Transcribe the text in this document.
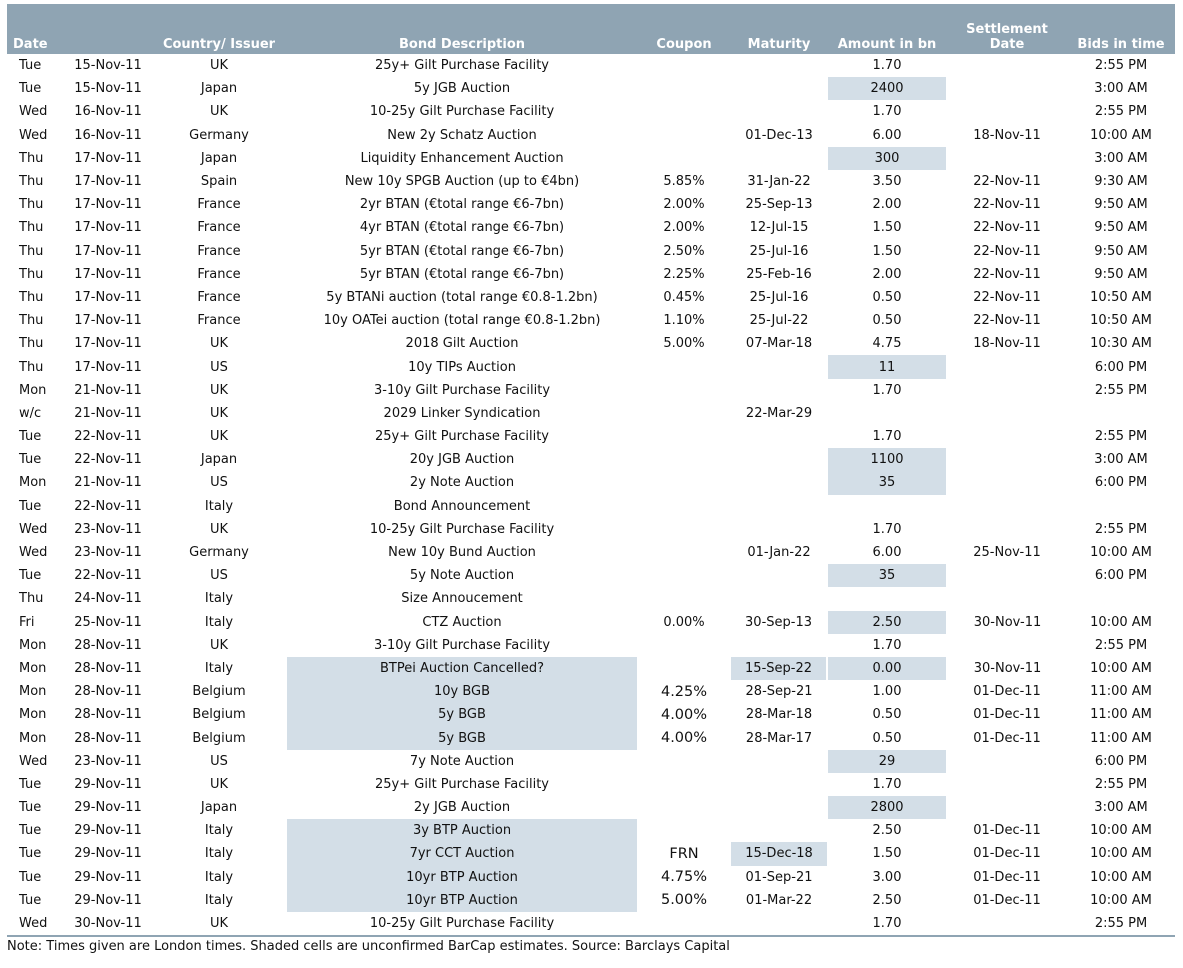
Date		Country/ Issuer	Bond Description	Coupon	Maturity	Amount in bn	Settlement Date	Bids in time
Tue	15-Nov-11	UK	25y+ Gilt Purchase Facility			1.70		2:55 PM
Tue	15-Nov-11	Japan	5y JGB Auction			2400		3:00 AM
Wed	16-Nov-11	UK	10-25y Gilt Purchase Facility			1.70		2:55 PM
Wed	16-Nov-11	Germany	New 2y Schatz Auction		01-Dec-13	6.00	18-Nov-11	10:00 AM
Thu	17-Nov-11	Japan	Liquidity Enhancement Auction			300		3:00 AM
Thu	17-Nov-11	Spain	New 10y SPGB Auction (up to €4bn)	5.85%	31-Jan-22	3.50	22-Nov-11	9:30 AM
Thu	17-Nov-11	France	2yr BTAN (€total range €6-7bn)	2.00%	25-Sep-13	2.00	22-Nov-11	9:50 AM
Thu	17-Nov-11	France	4yr BTAN (€total range €6-7bn)	2.00%	12-Jul-15	1.50	22-Nov-11	9:50 AM
Thu	17-Nov-11	France	5yr BTAN (€total range €6-7bn)	2.50%	25-Jul-16	1.50	22-Nov-11	9:50 AM
Thu	17-Nov-11	France	5yr BTAN (€total range €6-7bn)	2.25%	25-Feb-16	2.00	22-Nov-11	9:50 AM
Thu	17-Nov-11	France	5y BTANi auction (total range €0.8-1.2bn)	0.45%	25-Jul-16	0.50	22-Nov-11	10:50 AM
Thu	17-Nov-11	France	10y OATei auction (total range €0.8-1.2bn)	1.10%	25-Jul-22	0.50	22-Nov-11	10:50 AM
Thu	17-Nov-11	UK	2018 Gilt Auction	5.00%	07-Mar-18	4.75	18-Nov-11	10:30 AM
Thu	17-Nov-11	US	10y TIPs Auction			11		6:00 PM
Mon	21-Nov-11	UK	3-10y Gilt Purchase Facility			1.70		2:55 PM
w/c	21-Nov-11	UK	2029 Linker Syndication		22-Mar-29			
Tue	22-Nov-11	UK	25y+ Gilt Purchase Facility			1.70		2:55 PM
Tue	22-Nov-11	Japan	20y JGB Auction			1100		3:00 AM
Mon	21-Nov-11	US	2y Note Auction			35		6:00 PM
Tue	22-Nov-11	Italy	Bond Announcement					
Wed	23-Nov-11	UK	10-25y Gilt Purchase Facility			1.70		2:55 PM
Wed	23-Nov-11	Germany	New 10y Bund Auction		01-Jan-22	6.00	25-Nov-11	10:00 AM
Tue	22-Nov-11	US	5y Note Auction			35		6:00 PM
Thu	24-Nov-11	Italy	Size Annoucement					
Fri	25-Nov-11	Italy	CTZ Auction	0.00%	30-Sep-13	2.50	30-Nov-11	10:00 AM
Mon	28-Nov-11	UK	3-10y Gilt Purchase Facility			1.70		2:55 PM
Mon	28-Nov-11	Italy	BTPei Auction Cancelled?		15-Sep-22	0.00	30-Nov-11	10:00 AM
Mon	28-Nov-11	Belgium	10y BGB	4.25%	28-Sep-21	1.00	01-Dec-11	11:00 AM
Mon	28-Nov-11	Belgium	5y BGB	4.00%	28-Mar-18	0.50	01-Dec-11	11:00 AM
Mon	28-Nov-11	Belgium	5y BGB	4.00%	28-Mar-17	0.50	01-Dec-11	11:00 AM
Wed	23-Nov-11	US	7y Note Auction			29		6:00 PM
Tue	29-Nov-11	UK	25y+ Gilt Purchase Facility			1.70		2:55 PM
Tue	29-Nov-11	Japan	2y JGB Auction			2800		3:00 AM
Tue	29-Nov-11	Italy	3y BTP Auction			2.50	01-Dec-11	10:00 AM
Tue	29-Nov-11	Italy	7yr CCT Auction	FRN	15-Dec-18	1.50	01-Dec-11	10:00 AM
Tue	29-Nov-11	Italy	10yr BTP Auction	4.75%	01-Sep-21	3.00	01-Dec-11	10:00 AM
Tue	29-Nov-11	Italy	10yr BTP Auction	5.00%	01-Mar-22	2.50	01-Dec-11	10:00 AM
Wed	30-Nov-11	UK	10-25y Gilt Purchase Facility			1.70		2:55 PM
Note: Times given are London times. Shaded cells are unconfirmed BarCap estimates. Source: Barclays Capital
